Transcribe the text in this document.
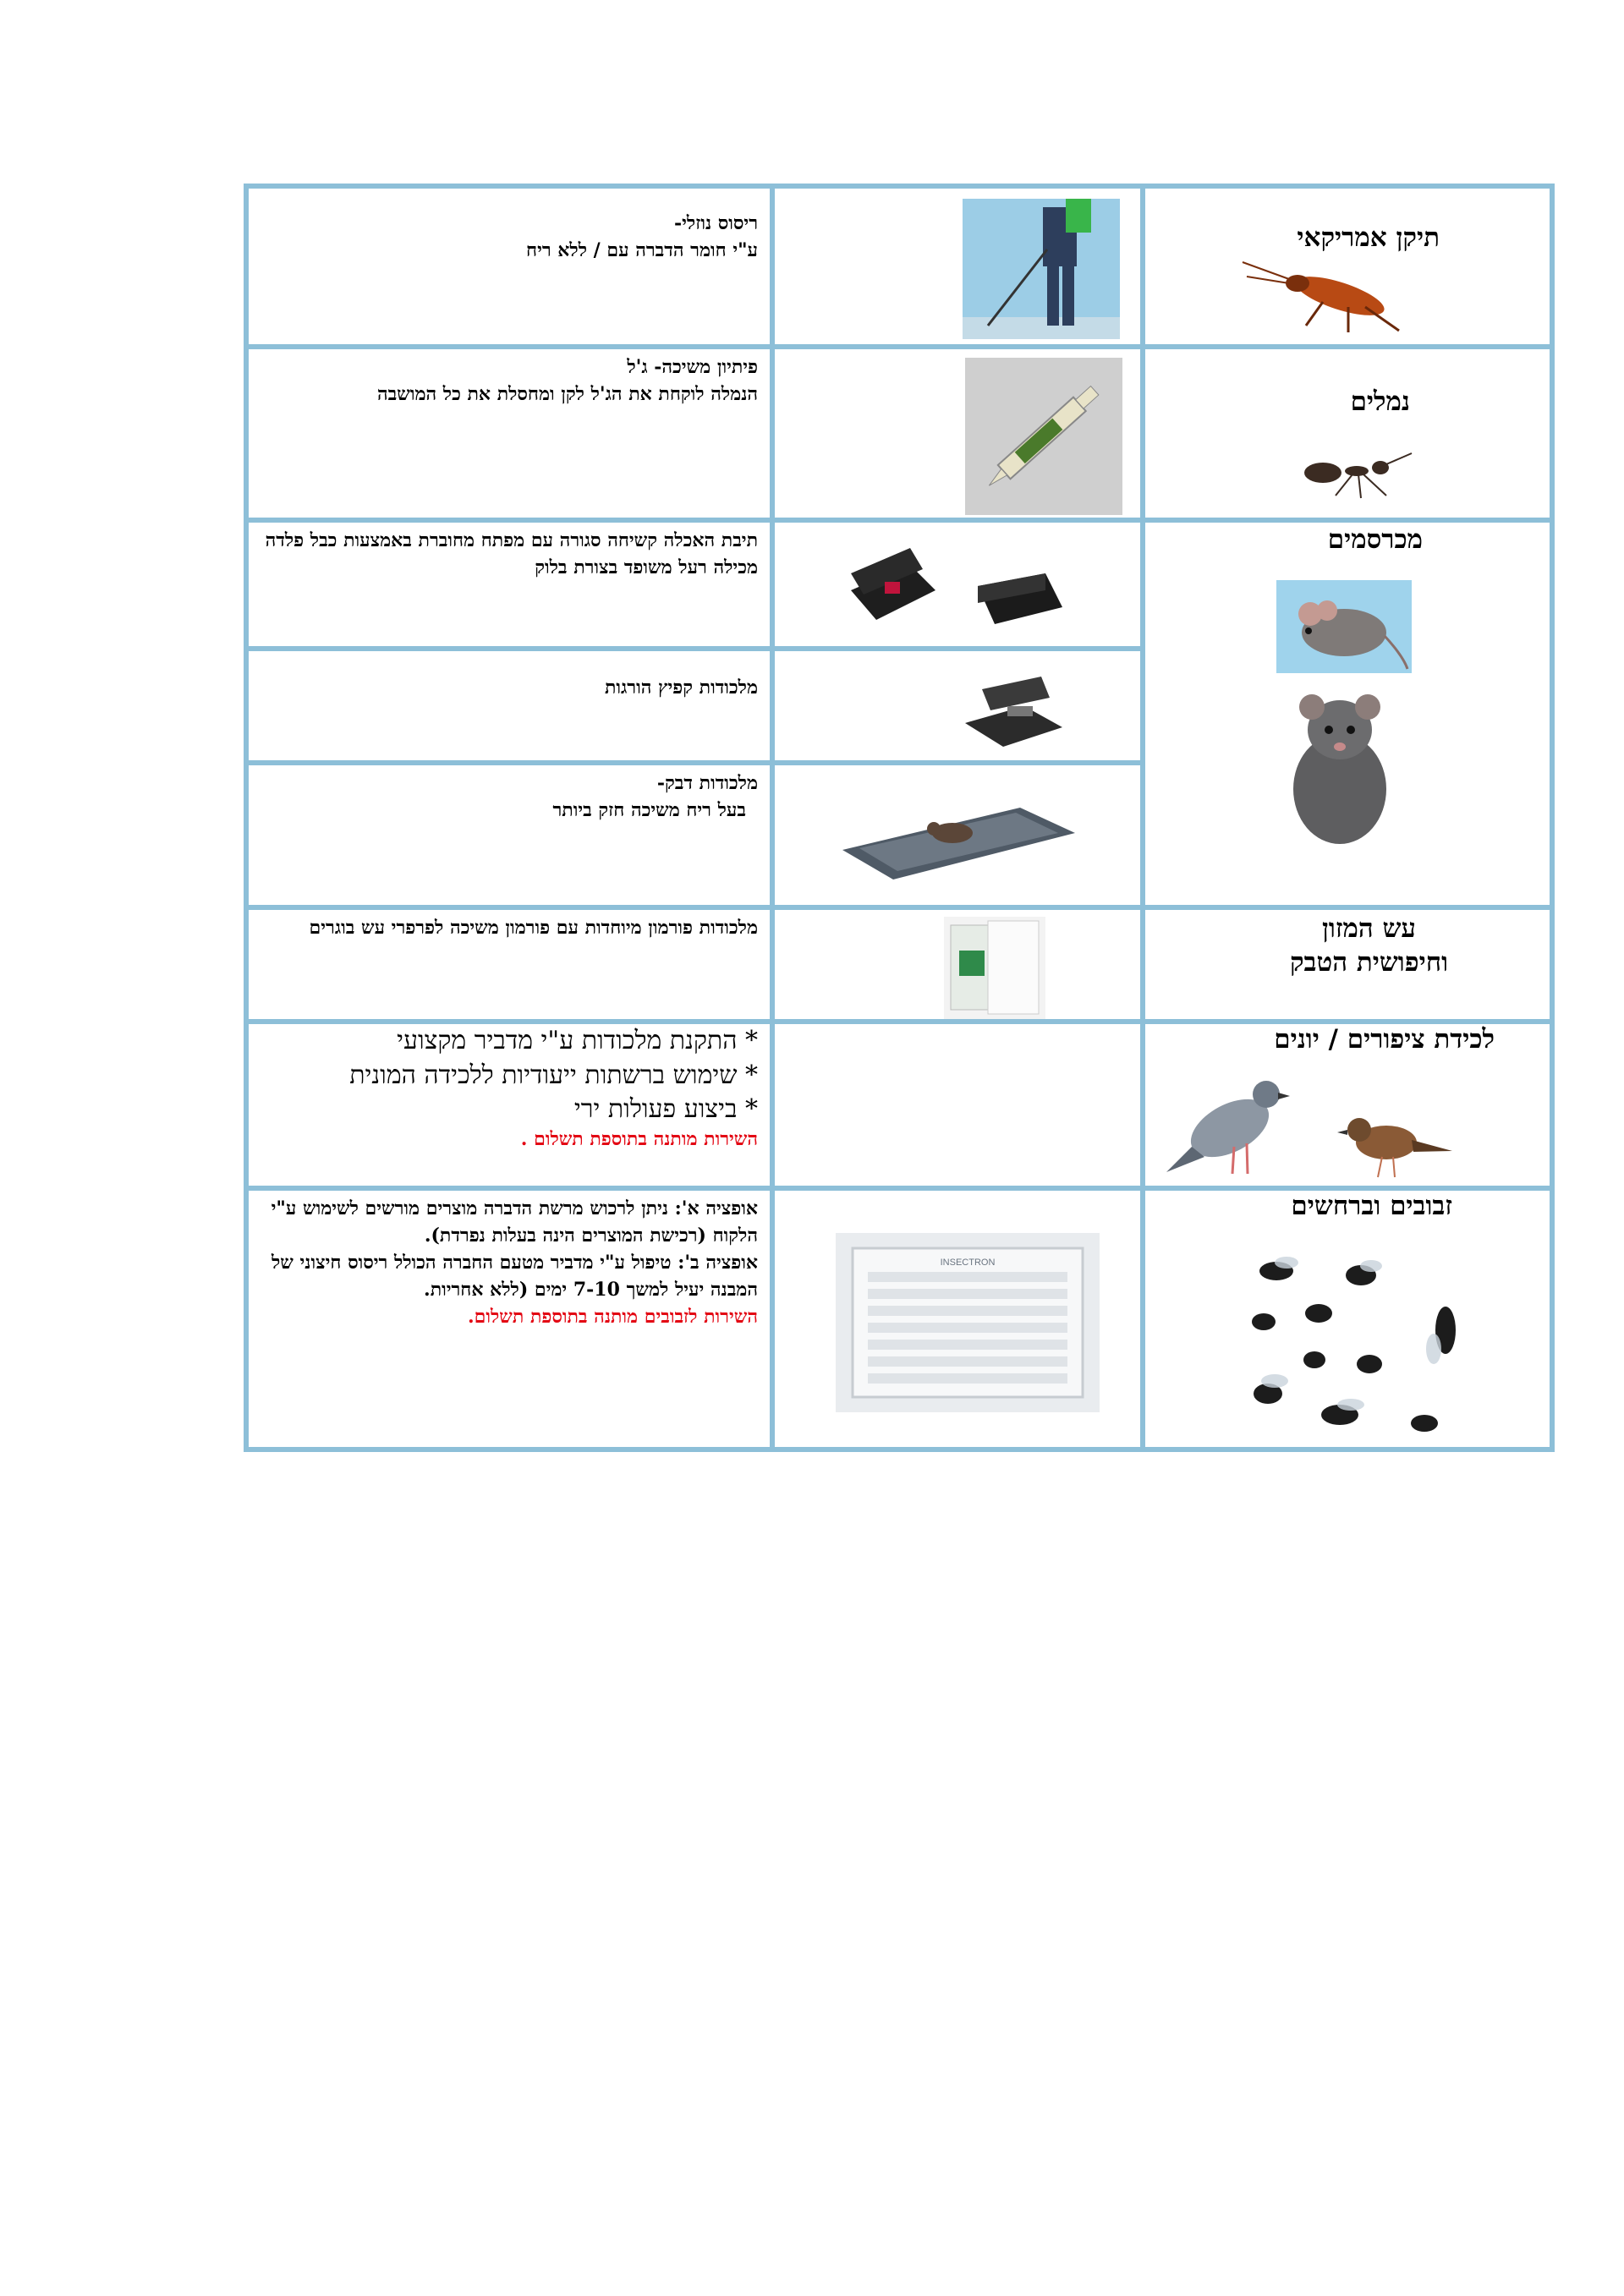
תיקן אמריקאי
ריסוס נוזלי-
ע"י חומר הדברה עם / ללא ריח
נמלים
פיתיון משיכה- ג'ל
הנמלה לוקחת את הג'ל לקן ומחסלת את כל המושבה
מכרסמים
תיבת האכלה קשיחה סגורה עם מפתח מחוברת באמצעות כבל פלדה מכילה רעל משופד בצורת בלוק
מלכודות קפיץ הורגות
מלכודות דבק-
בעל ריח משיכה חזק ביותר
עש המזון
וחיפושית הטבק
מלכודות פורמון מיוחדות עם פורמון משיכה לפרפרי עש בוגרים
לכידת ציפורים / יונים
* התקנת מלכודות ע"י מדביר מקצועי
* שימוש ברשתות ייעודיות ללכידה המונית
* ביצוע פעולות ירי
השירות מותנה בתוספת תשלום .
זבובים וברחשים
INSECTRON
אופציה א': ניתן לרכוש מרשת הדברה מוצרים מורשים לשימוש ע"י הלקוח (רכישת המוצרים הינה בעלות נפרדת).
אופציה ב': טיפול ע"י מדביר מטעם החברה הכולל ריסוס חיצוני של המבנה יעיל למשך 7-10 ימים (ללא אחריות.
השירות לזבובים מותנה בתוספת תשלום.
